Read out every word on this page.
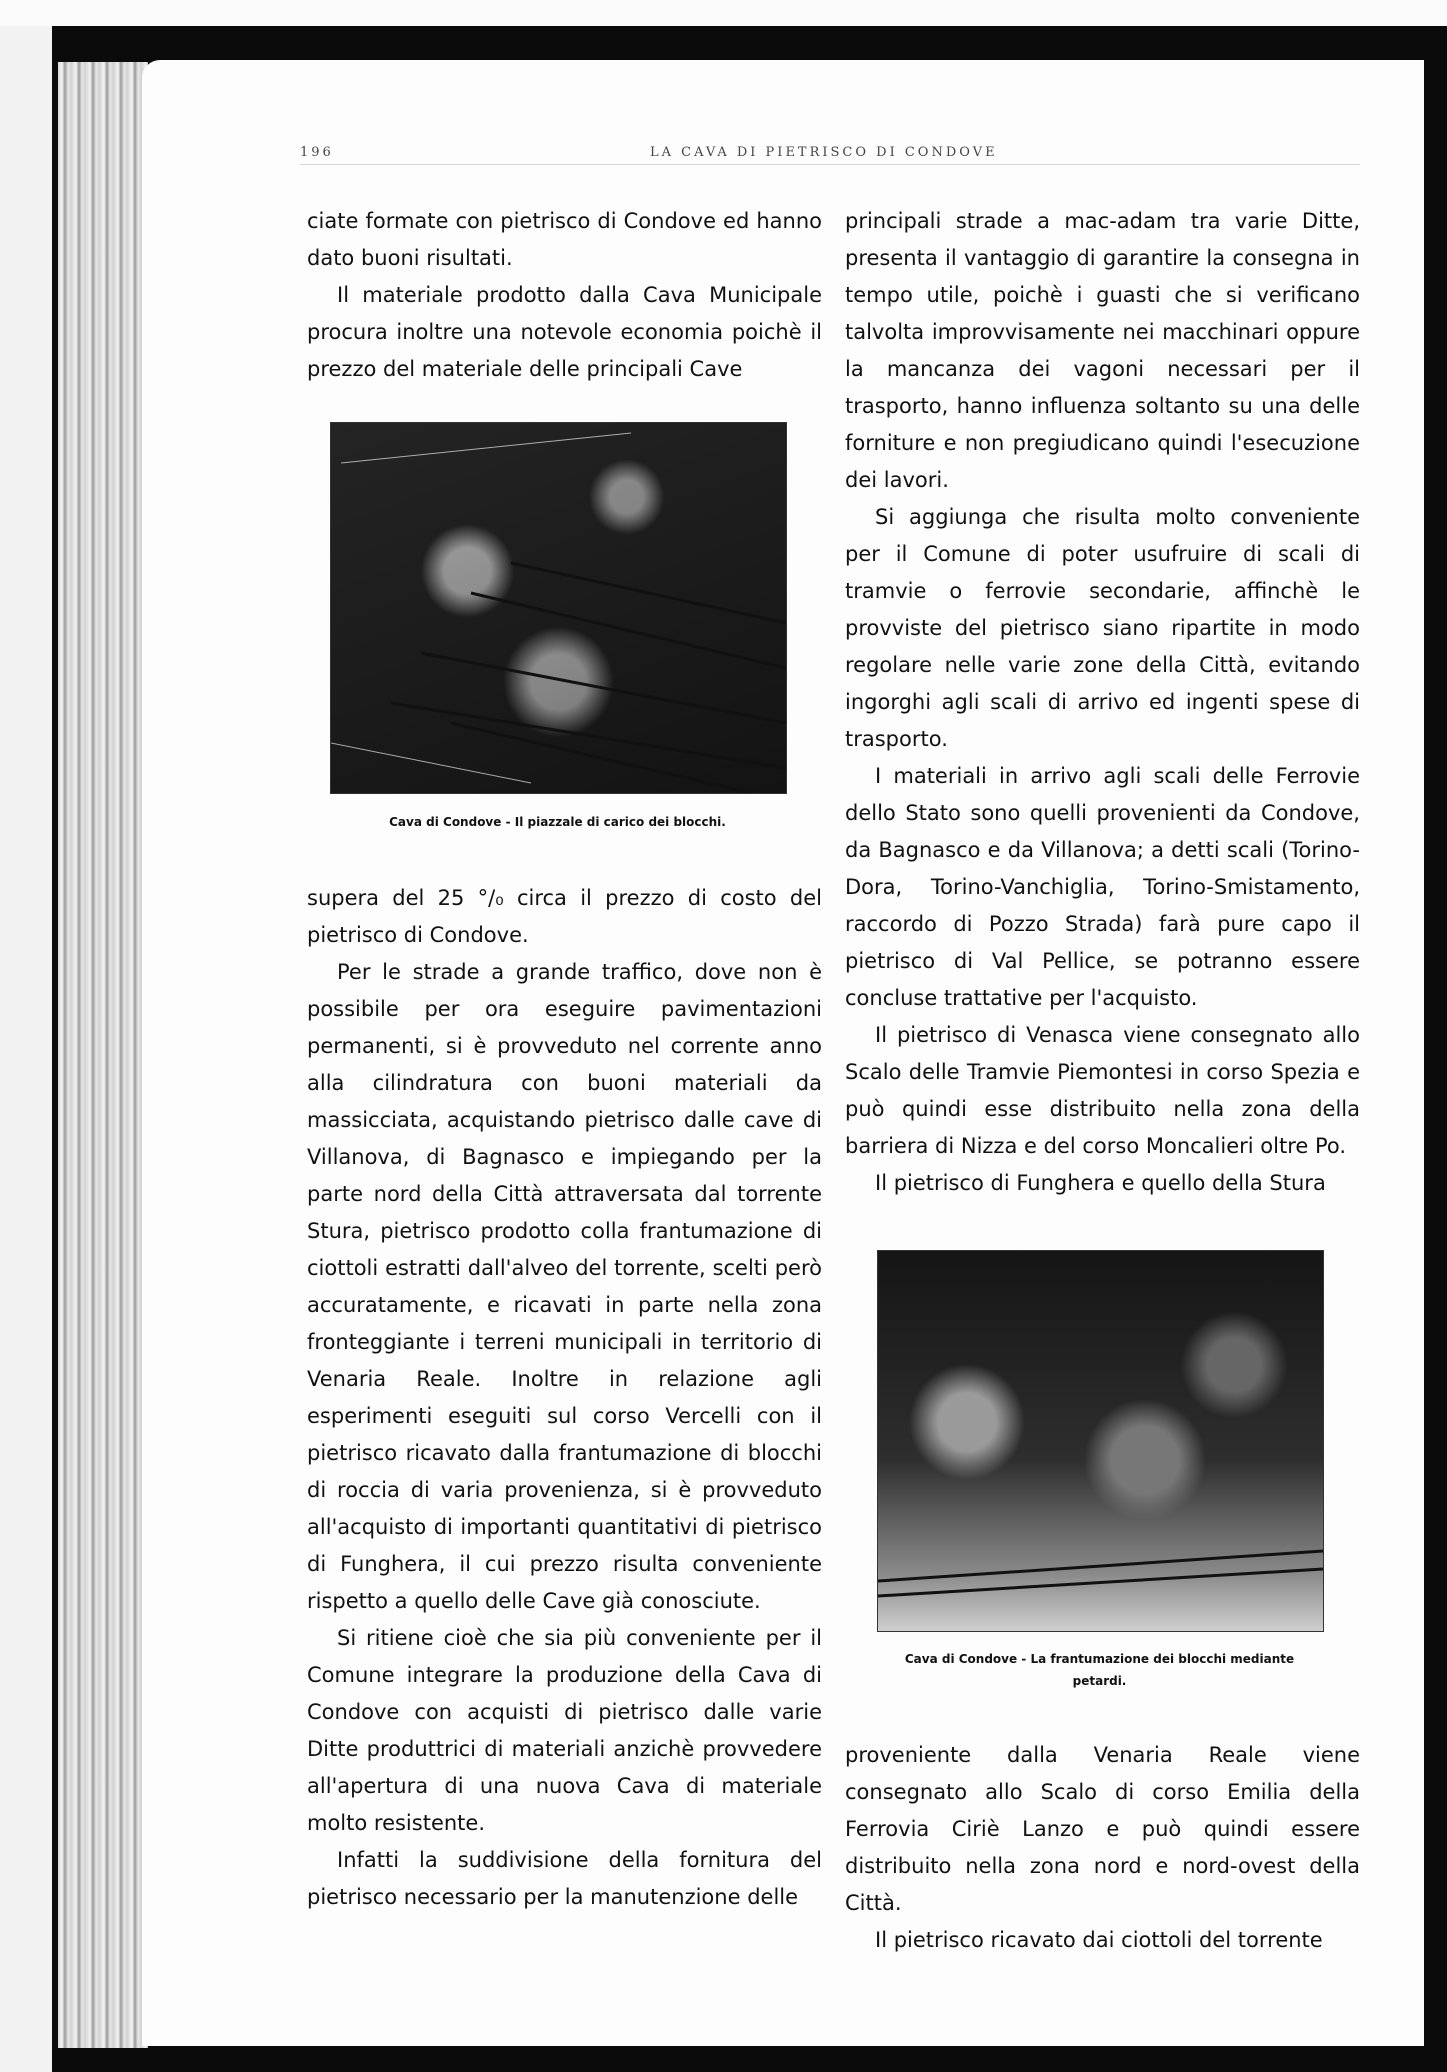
196	LA CAVA DI PIETRISCO DI CONDOVE

ciate formate con pietrisco di Condove ed hanno dato buoni risultati.

Il materiale prodotto dalla Cava Municipale procura inoltre una notevole economia poichè il prezzo del materiale delle principali Cave

Cava di Condove - Il piazzale di carico dei blocchi.

supera del 25 °/₀ circa il prezzo di costo del pietrisco di Condove.

Per le strade a grande traffico, dove non è possibile per ora eseguire pavimentazioni permanenti, si è provveduto nel corrente anno alla cilindratura con buoni materiali da massicciata, acquistando pietrisco dalle cave di Villanova, di Bagnasco e impiegando per la parte nord della Città attraversata dal torrente Stura, pietrisco prodotto colla frantumazione di ciottoli estratti dall'alveo del torrente, scelti però accuratamente, e ricavati in parte nella zona fronteggiante i terreni municipali in territorio di Venaria Reale. Inoltre in relazione agli esperimenti eseguiti sul corso Vercelli con il pietrisco ricavato dalla frantumazione di blocchi di roccia di varia provenienza, si è provveduto all'acquisto di importanti quantitativi di pietrisco di Funghera, il cui prezzo risulta conveniente rispetto a quello delle Cave già conosciute.

Si ritiene cioè che sia più conveniente per il Comune integrare la produzione della Cava di Condove con acquisti di pietrisco dalle varie Ditte produttrici di materiali anzichè provvedere all'apertura di una nuova Cava di materiale molto resistente.

Infatti la suddivisione della fornitura del pietrisco necessario per la manutenzione delle

principali strade a mac-adam tra varie Ditte, presenta il vantaggio di garantire la consegna in tempo utile, poichè i guasti che si verificano talvolta improvvisamente nei macchinari oppure la mancanza dei vagoni necessari per il trasporto, hanno influenza soltanto su una delle forniture e non pregiudicano quindi l'esecuzione dei lavori.

Si aggiunga che risulta molto conveniente per il Comune di poter usufruire di scali di tramvie o ferrovie secondarie, affinchè le provviste del pietrisco siano ripartite in modo regolare nelle varie zone della Città, evitando ingorghi agli scali di arrivo ed ingenti spese di trasporto.

I materiali in arrivo agli scali delle Ferrovie dello Stato sono quelli provenienti da Condove, da Bagnasco e da Villanova; a detti scali (Torino-Dora, Torino-Vanchiglia, Torino-Smistamento, raccordo di Pozzo Strada) farà pure capo il pietrisco di Val Pellice, se potranno essere concluse trattative per l'acquisto.

Il pietrisco di Venasca viene consegnato allo Scalo delle Tramvie Piemontesi in corso Spezia e può quindi esse distribuito nella zona della barriera di Nizza e del corso Moncalieri oltre Po.

Il pietrisco di Funghera e quello della Stura

Cava di Condove - La frantumazione dei blocchi mediante petardi.

proveniente dalla Venaria Reale viene consegnato allo Scalo di corso Emilia della Ferrovia Ciriè Lanzo e può quindi essere distribuito nella zona nord e nord-ovest della Città.

Il pietrisco ricavato dai ciottoli del torrente
